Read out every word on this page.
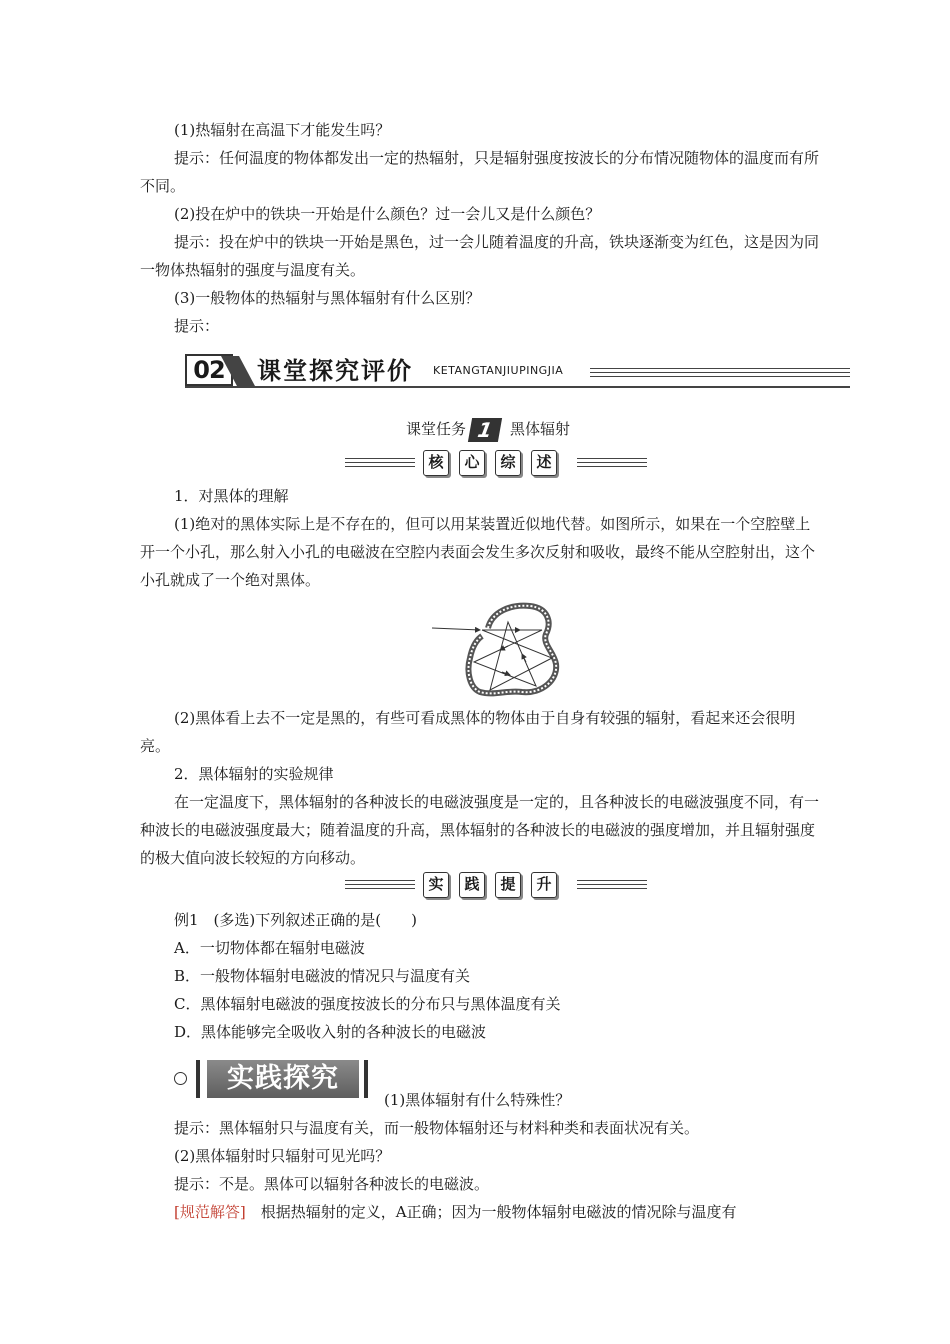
(1)热辐射在高温下才能发生吗？

提示：任何温度的物体都发出一定的热辐射，只是辐射强度按波长的分布情况随物体的温度而有所不同。

(2)投在炉中的铁块一开始是什么颜色？过一会儿又是什么颜色？

提示：投在炉中的铁块一开始是黑色，过一会儿随着温度的升高，铁块逐渐变为红色，这是因为同一物体热辐射的强度与温度有关。

(3)一般物体的热辐射与黑体辐射有什么区别？

提示：

02	课堂探究评价 KETANGTANJIUPINGJIA
课堂任务 1 黑体辐射
核 心 综 述

1．对黑体的理解

(1)绝对的黑体实际上是不存在的，但可以用某装置近似地代替。如图所示，如果在一个空腔壁上开一个小孔，那么射入小孔的电磁波在空腔内表面会发生多次反射和吸收，最终不能从空腔射出，这个小孔就成了一个绝对黑体。

(2)黑体看上去不一定是黑的，有些可看成黑体的物体由于自身有较强的辐射，看起来还会很明亮。

2．黑体辐射的实验规律

在一定温度下，黑体辐射的各种波长的电磁波强度是一定的，且各种波长的电磁波强度不同，有一种波长的电磁波强度最大；随着温度的升高，黑体辐射的各种波长的电磁波的强度增加，并且辐射强度的极大值向波长较短的方向移动。

实 践 提 升

例1　(多选)下列叙述正确的是(　　)

A．一切物体都在辐射电磁波

B．一般物体辐射电磁波的情况只与温度有关

C．黑体辐射电磁波的强度按波长的分布只与黑体温度有关

D．黑体能够完全吸收入射的各种波长的电磁波

实践探究

(1)黑体辐射有什么特殊性？

提示：黑体辐射只与温度有关，而一般物体辐射还与材料种类和表面状况有关。

(2)黑体辐射时只辐射可见光吗？

提示：不是。黑体可以辐射各种波长的电磁波。

[规范解答]　根据热辐射的定义，A正确；因为一般物体辐射电磁波的情况除与温度有
